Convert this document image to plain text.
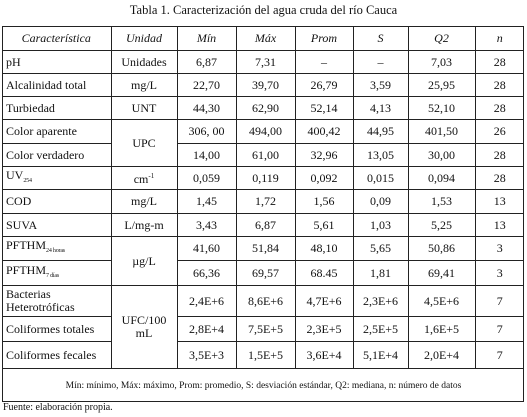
Tabla 1. Caracterización del agua cruda del río Cauca
Característica	Unidad	Mín	Máx	Prom	S	Q2	n
pH	Unidades	6,87	7,31	–	–	7,03	28
Alcalinidad total	mg/L	22,70	39,70	26,79	3,59	25,95	28
Turbiedad	UNT	44,30	62,90	52,14	4,13	52,10	28
Color aparente	UPC	306, 00	494,00	400,42	44,95	401,50	26
Color verdadero		14,00	61,00	32,96	13,05	30,00	28
$UV_{254}$	$cm^{-1}$	0,059	0,119	0,092	0,015	0,094	28
COD	mg/L	1,45	1,72	1,56	0,09	1,53	13
SUVA	L/mg-m	3,43	6,87	5,61	1,03	5,25	13
$PFTHM_{24 horas}$	µg/L	41,60	51,84	48,10	5,65	50,86	3
$PFTHM_{7 días}$		66,36	69,57	68.45	1,81	69,41	3
Bacterias Heterotróficas	UFC/100 mL	2,4E+6	8,6E+6	4,7E+6	2,3E+6	4,5E+6	7
Coliformes totales		2,8E+4	7,5E+5	2,3E+5	2,5E+5	1,6E+5	7
Coliformes fecales		3,5E+3	1,5E+5	3,6E+4	5,1E+4	2,0E+4	7
Mín: mínimo, Máx: máximo, Prom: promedio, S: desviación estándar, Q2: mediana, n: número de datos
Fuente: elaboración propia.
